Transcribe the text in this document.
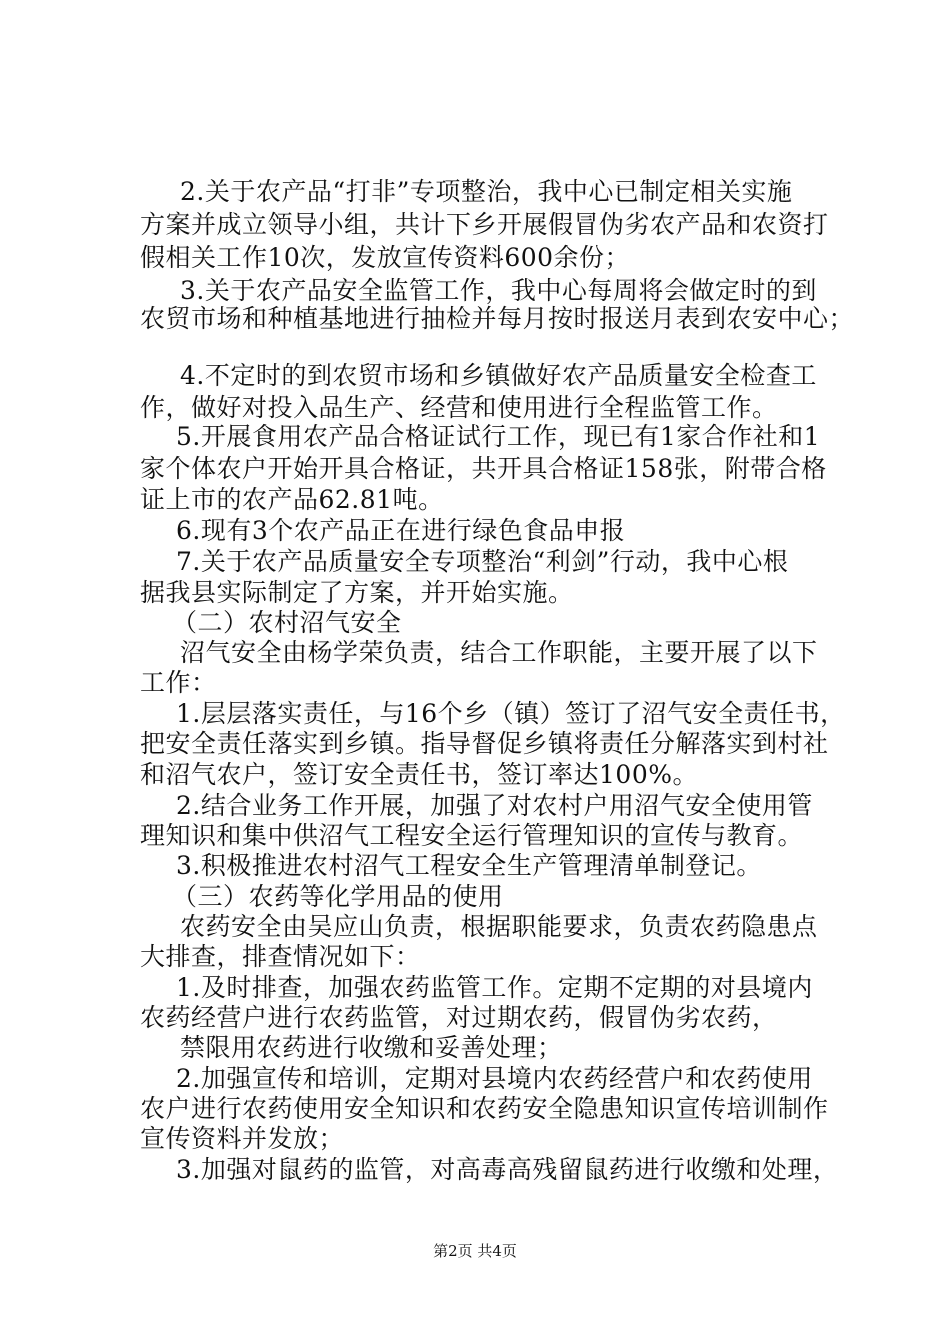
2.关于农产品“打非”专项整治，我中心已制定相关实施
方案并成立领导小组，共计下乡开展假冒伪劣农产品和农资打
假相关工作10次，发放宣传资料600余份；
3.关于农产品安全监管工作，我中心每周将会做定时的到
农贸市场和种植基地进行抽检并每月按时报送月表到农安中心；
4.不定时的到农贸市场和乡镇做好农产品质量安全检查工
作，做好对投入品生产、经营和使用进行全程监管工作。
5.开展食用农产品合格证试行工作，现已有1家合作社和1
家个体农户开始开具合格证，共开具合格证158张，附带合格
证上市的农产品62.81吨。
6.现有3个农产品正在进行绿色食品申报
7.关于农产品质量安全专项整治“利剑”行动，我中心根
据我县实际制定了方案，并开始实施。
（二）农村沼气安全
沼气安全由杨学荣负责，结合工作职能，主要开展了以下
工作：
1.层层落实责任，与16个乡（镇）签订了沼气安全责任书，
把安全责任落实到乡镇。指导督促乡镇将责任分解落实到村社
和沼气农户，签订安全责任书，签订率达100%。
2.结合业务工作开展，加强了对农村户用沼气安全使用管
理知识和集中供沼气工程安全运行管理知识的宣传与教育。
3.积极推进农村沼气工程安全生产管理清单制登记。
（三）农药等化学用品的使用
农药安全由吴应山负责，根据职能要求，负责农药隐患点
大排查，排查情况如下：
1.及时排查，加强农药监管工作。定期不定期的对县境内
农药经营户进行农药监管，对过期农药，假冒伪劣农药，
禁限用农药进行收缴和妥善处理；
2.加强宣传和培训，定期对县境内农药经营户和农药使用
农户进行农药使用安全知识和农药安全隐患知识宣传培训制作
宣传资料并发放；
3.加强对鼠药的监管，对高毒高残留鼠药进行收缴和处理，
第2页 共4页
